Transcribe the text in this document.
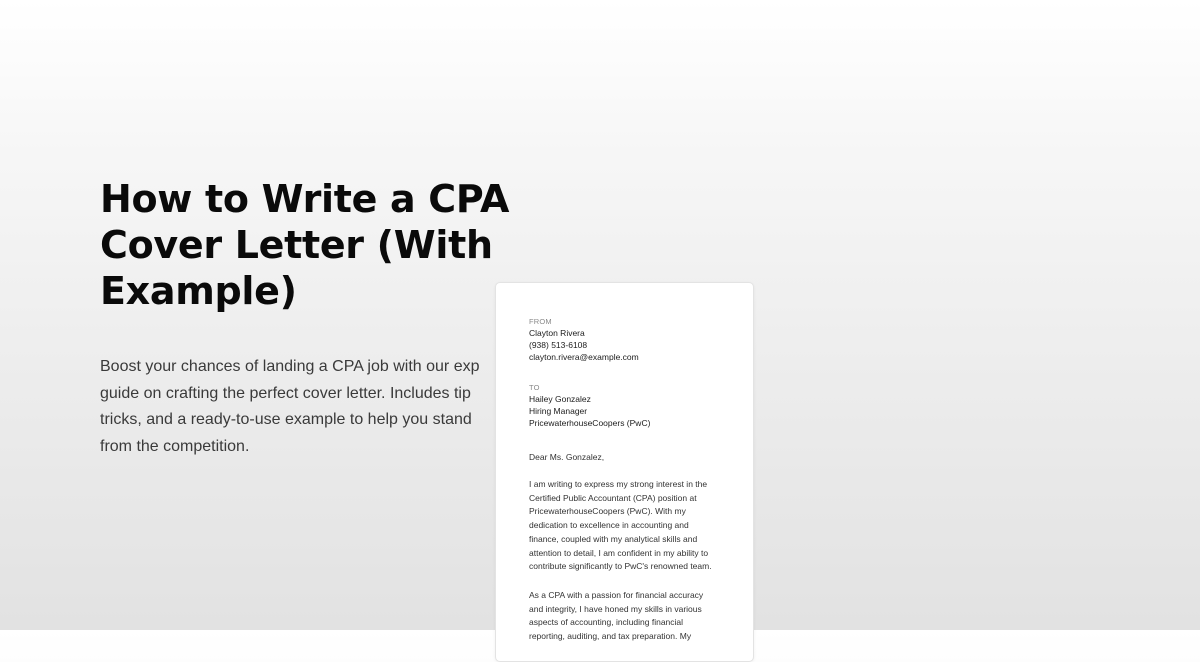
How to Write a CPA
Cover Letter (With
Example)

Boost your chances of landing a CPA job with our exp
guide on crafting the perfect cover letter. Includes tip
tricks, and a ready-to-use example to help you stand
from the competition.

FROM
Clayton Rivera
(938) 513-6108
clayton.rivera@example.com
TO
Hailey Gonzalez
Hiring Manager
PricewaterhouseCoopers (PwC)
Dear Ms. Gonzalez,
I am writing to express my strong interest in the
Certified Public Accountant (CPA) position at
PricewaterhouseCoopers (PwC). With my
dedication to excellence in accounting and
finance, coupled with my analytical skills and
attention to detail, I am confident in my ability to
contribute significantly to PwC's renowned team.
As a CPA with a passion for financial accuracy
and integrity, I have honed my skills in various
aspects of accounting, including financial
reporting, auditing, and tax preparation. My
